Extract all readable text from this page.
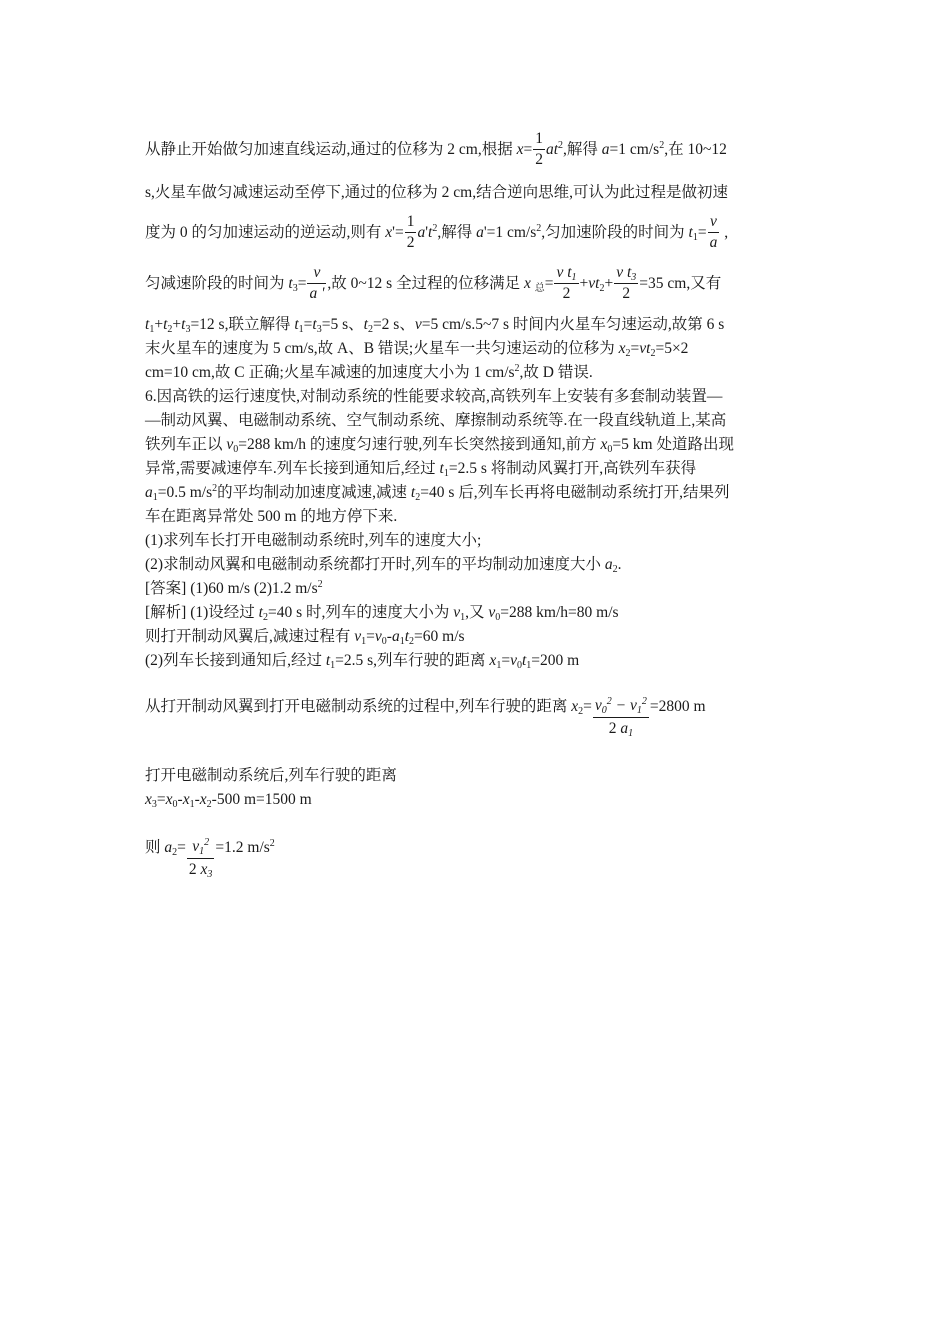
从静止开始做匀加速直线运动,通过的位移为 2 cm,根据 $x= \frac{1}{2} at^2$,解得 a=1 $cm/s^2$,在 10~12
s,火星车做匀减速运动至停下,通过的位移为 2 cm,结合逆向思维,可认为此过程是做初速
度为 0 的匀加速运动的逆运动,则有 $x'= \frac{1}{2} a't^2$,解得 a'=1 $cm/s^2$,匀加速阶段的时间为 $t_1= \frac{v}{a}$ ,
匀减速阶段的时间为 $t_3= \frac{v}{a '}$ ,故 0~12 s 全过程的位移满足 x $_总= \frac{v t_1}{2} +vt_2+ \frac{v t_3}{2} =35$ cm,又有
$t_1+t_2+t_3=12$ s,联立解得 $t_1=t_3=5$ s、$t_2=2$ s、v=5 cm/s.5~7 s 时间内火星车匀速运动,故第 6 s
末火星车的速度为 5 cm/s,故 A、B 错误;火星车一共匀速运动的位移为 $x_2=vt_2=5\times 2$
cm=10 cm,故 C 正确;火星车减速的加速度大小为 1 $cm/s^2$,故 D 错误.
6.因高铁的运行速度快,对制动系统的性能要求较高,高铁列车上安装有多套制动装置—
—制动风翼、电磁制动系统、空气制动系统、摩擦制动系统等.在一段直线轨道上,某高
铁列车正以 $v_0=288$ km/h 的速度匀速行驶,列车长突然接到通知,前方 $x_0=5$ km 处道路出现
异常,需要减速停车.列车长接到通知后,经过 $t_1=2.5$ s 将制动风翼打开,高铁列车获得
$a_1=0.5$ $m/s^2$的平均制动加速度减速,减速 $t_2=40$ s 后,列车长再将电磁制动系统打开,结果列
车在距离异常处 500 m 的地方停下来.
(1)求列车长打开电磁制动系统时,列车的速度大小;
(2)求制动风翼和电磁制动系统都打开时,列车的平均制动加速度大小 $a_2$.
[答案] (1)60 m/s (2)1.2 $m/s^2$
[解析] (1)设经过 $t_2=40$ s 时,列车的速度大小为 $v_1$,又 $v_0=288$ km/h=80 m/s
则打开制动风翼后,减速过程有 $v_1=v_0-a_1t_2=60$ m/s
(2)列车长接到通知后,经过 $t_1=2.5$ s,列车行驶的距离 $x_1=v_0t_1=200$ m
从打开制动风翼到打开电磁制动系统的过程中,列车行驶的距离 $x_2= \frac{v_0^2 - v_1^2}{2 a_1} =2800$ m
打开电磁制动系统后,列车行驶的距离
$x_3=x_0-x_1-x_2-500$ m=1500 m
则 $a_2= \frac{v_1^2}{2 x_3} =1.2$ $m/s^2$
